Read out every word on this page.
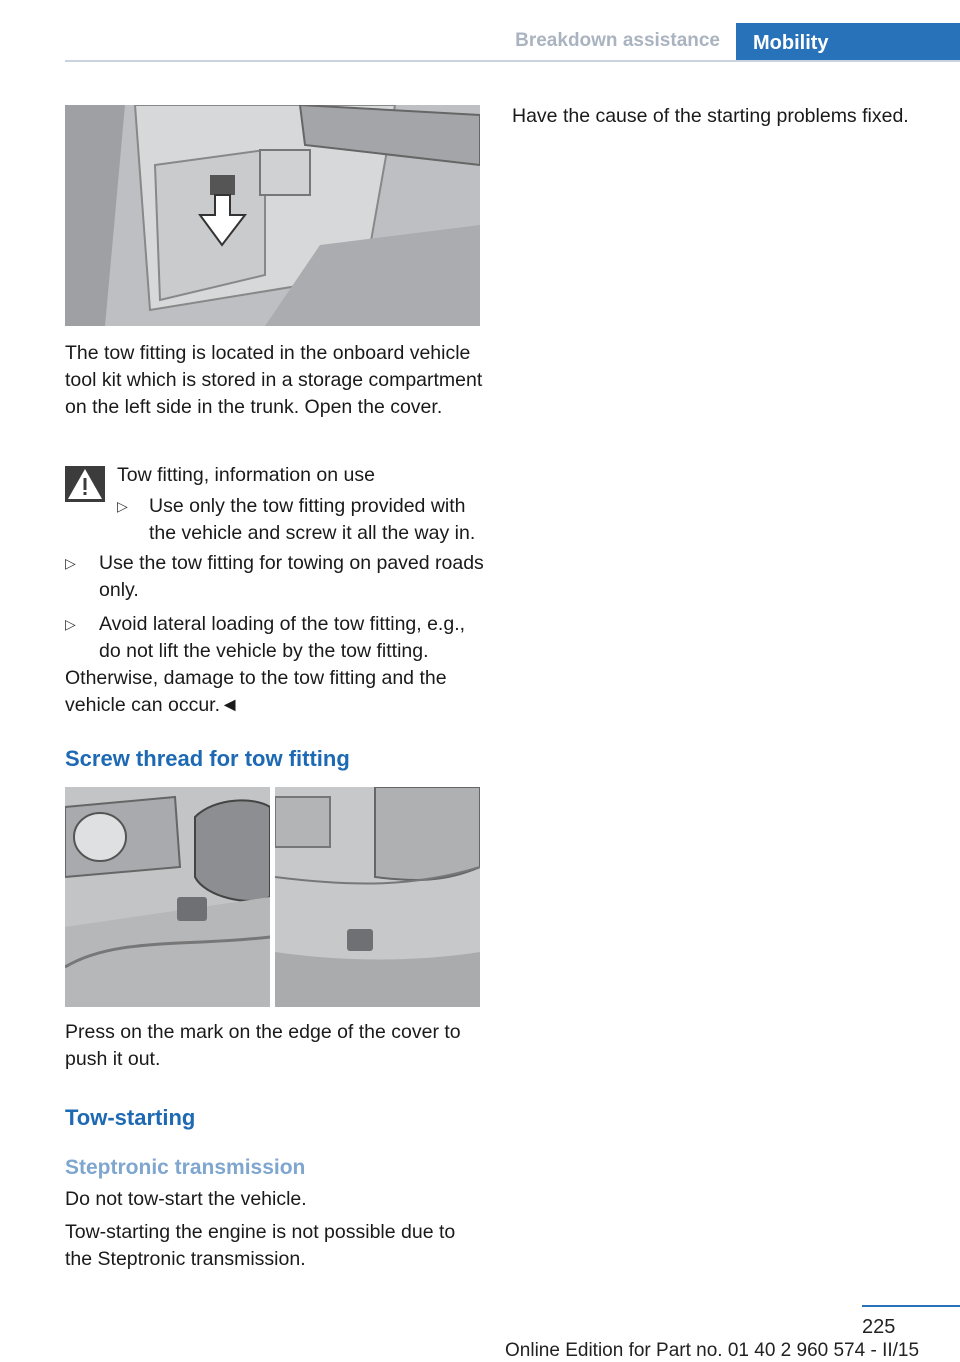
Breakdown assistance	Mobility

The tow fitting is located in the onboard vehicle tool kit which is stored in a storage compartment on the left side in the trunk. Open the cover.

Tow fitting, information on use

▷ Use only the tow fitting provided with the vehicle and screw it all the way in.
▷ Use the tow fitting for towing on paved roads only.
▷ Avoid lateral loading of the tow fitting, e.g., do not lift the vehicle by the tow fitting.

Otherwise, damage to the tow fitting and the vehicle can occur.◄

Screw thread for tow fitting

Press on the mark on the edge of the cover to push it out.

Tow-starting
Steptronic transmission

Do not tow-start the vehicle.

Tow-starting the engine is not possible due to the Steptronic transmission.

Have the cause of the starting problems fixed.

225
Online Edition for Part no. 01 40 2 960 574 - II/15
